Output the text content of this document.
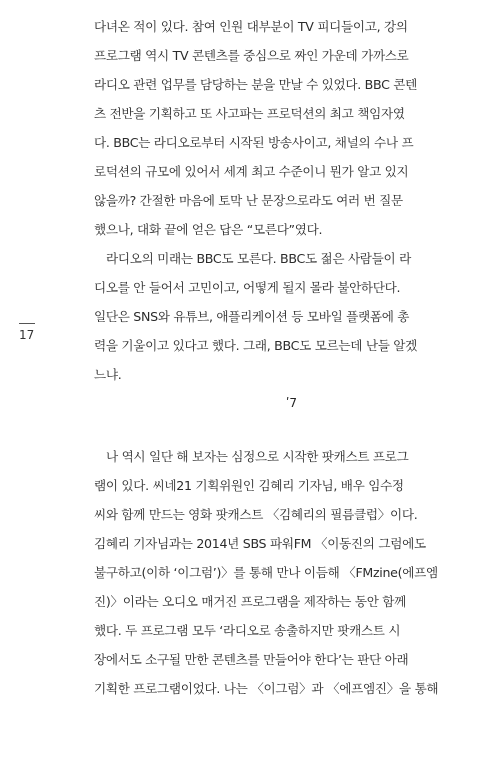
다녀온 적이 있다. 참여 인원 대부분이 TV 피디들이고, 강의
프로그램 역시 TV 콘텐츠를 중심으로 짜인 가운데 가까스로
라디오 관련 업무를 담당하는 분을 만날 수 있었다. BBC 콘텐
츠 전반을 기획하고 또 사고파는 프로덕션의 최고 책임자였
다. BBC는 라디오로부터 시작된 방송사이고, 채널의 수나 프
로덕션의 규모에 있어서 세계 최고 수준이니 뭔가 알고 있지
않을까? 간절한 마음에 토막 난 문장으로라도 여러 번 질문
했으나, 대화 끝에 얻은 답은 “모른다”였다.

라디오의 미래는 BBC도 모른다. BBC도 젊은 사람들이 라
디오를 안 들어서 고민이고, 어떻게 될지 몰라 불안하단다.
일단은 SNS와 유튜브, 애플리케이션 등 모바일 플랫폼에 총
력을 기울이고 있다고 했다. 그래, BBC도 모르는데 난들 알겠
느냐.

17
ʹ7

나 역시 일단 해 보자는 심정으로 시작한 팟캐스트 프로그
램이 있다. 씨네21 기획위원인 김혜리 기자님, 배우 임수정
씨와 함께 만드는 영화 팟캐스트 〈김혜리의 필름클럽〉이다.
김혜리 기자님과는 2014년 SBS 파워FM 〈이동진의 그럼에도
불구하고(이하 ‘이그럼’)〉를 통해 만나 이듬해 〈FMzine(에프엠
진)〉이라는 오디오 매거진 프로그램을 제작하는 동안 함께
했다. 두 프로그램 모두 ‘라디오로 송출하지만 팟캐스트 시
장에서도 소구될 만한 콘텐츠를 만들어야 한다’는 판단 아래
기획한 프로그램이었다. 나는 〈이그럼〉과 〈에프엠진〉을 통해
